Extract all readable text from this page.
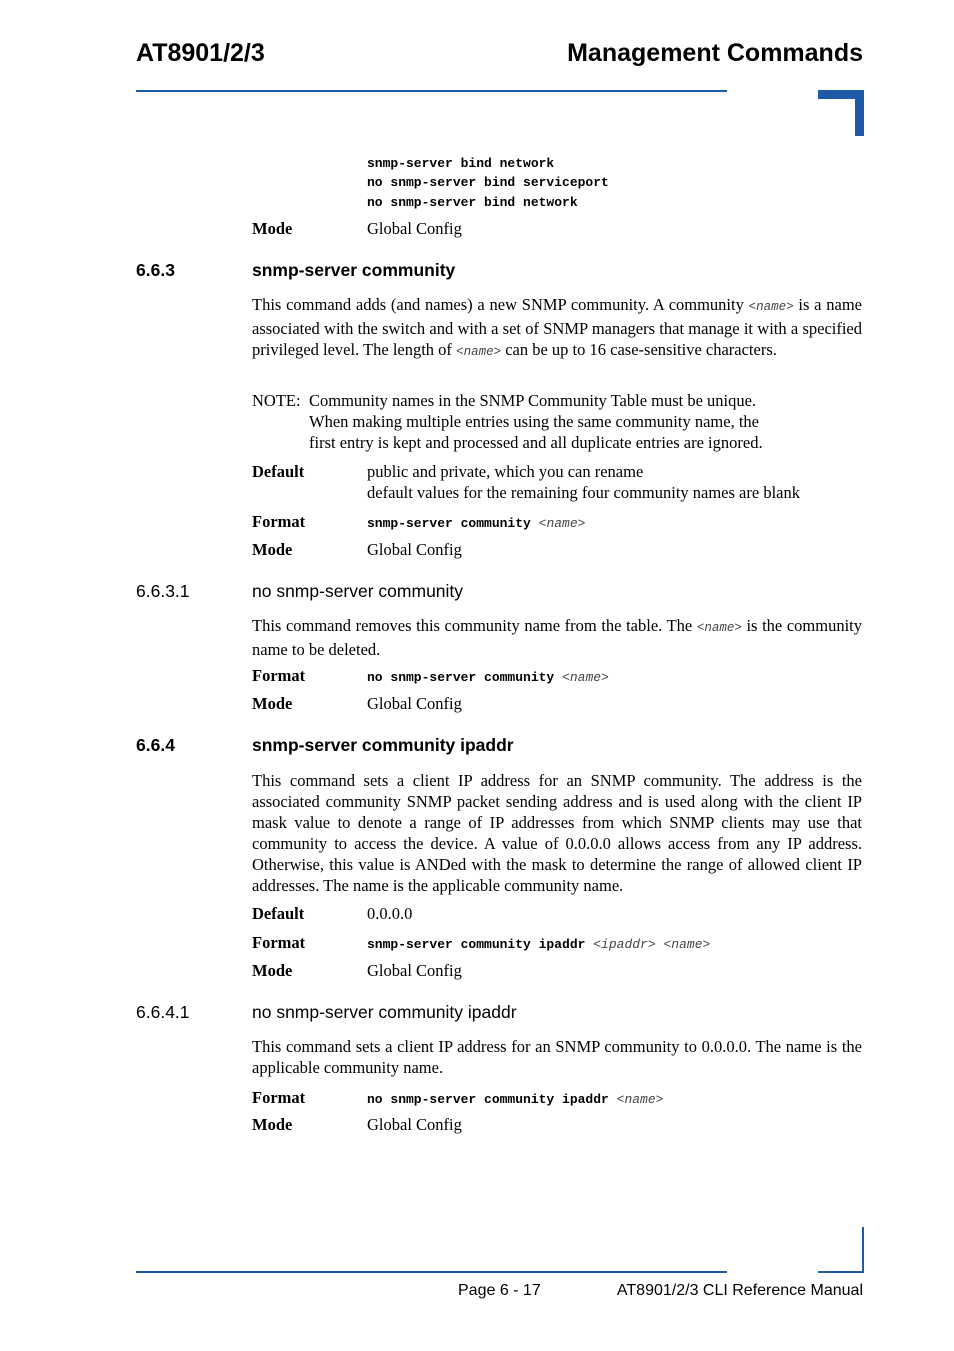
AT8901/2/3	Management Commands
snmp-server bind network
no snmp-server bind serviceport
no snmp-server bind network
Mode	Global Config
6.6.3	snmp-server community
This command adds (and names) a new SNMP community. A community <name> is a name associated with the switch and with a set of SNMP managers that manage it with a specified privileged level. The length of <name> can be up to 16 case-sensitive characters.
NOTE: Community names in the SNMP Community Table must be unique.
When making multiple entries using the same community name, the
first entry is kept and processed and all duplicate entries are ignored.
Default	public and private, which you can rename
default values for the remaining four community names are blank
Format	snmp-server community <name>
Mode	Global Config
6.6.3.1	no snmp-server community
This command removes this community name from the table. The <name> is the community name to be deleted.
Format	no snmp-server community <name>
Mode	Global Config
6.6.4	snmp-server community ipaddr
This command sets a client IP address for an SNMP community. The address is the associated community SNMP packet sending address and is used along with the client IP mask value to denote a range of IP addresses from which SNMP clients may use that community to access the device. A value of 0.0.0.0 allows access from any IP address. Otherwise, this value is ANDed with the mask to determine the range of allowed client IP addresses. The name is the applicable community name.
Default	0.0.0.0
Format	snmp-server community ipaddr <ipaddr> <name>
Mode	Global Config
6.6.4.1	no snmp-server community ipaddr
This command sets a client IP address for an SNMP community to 0.0.0.0. The name is the applicable community name.
Format	no snmp-server community ipaddr <name>
Mode	Global Config
Page 6 - 17	AT8901/2/3 CLI Reference Manual
